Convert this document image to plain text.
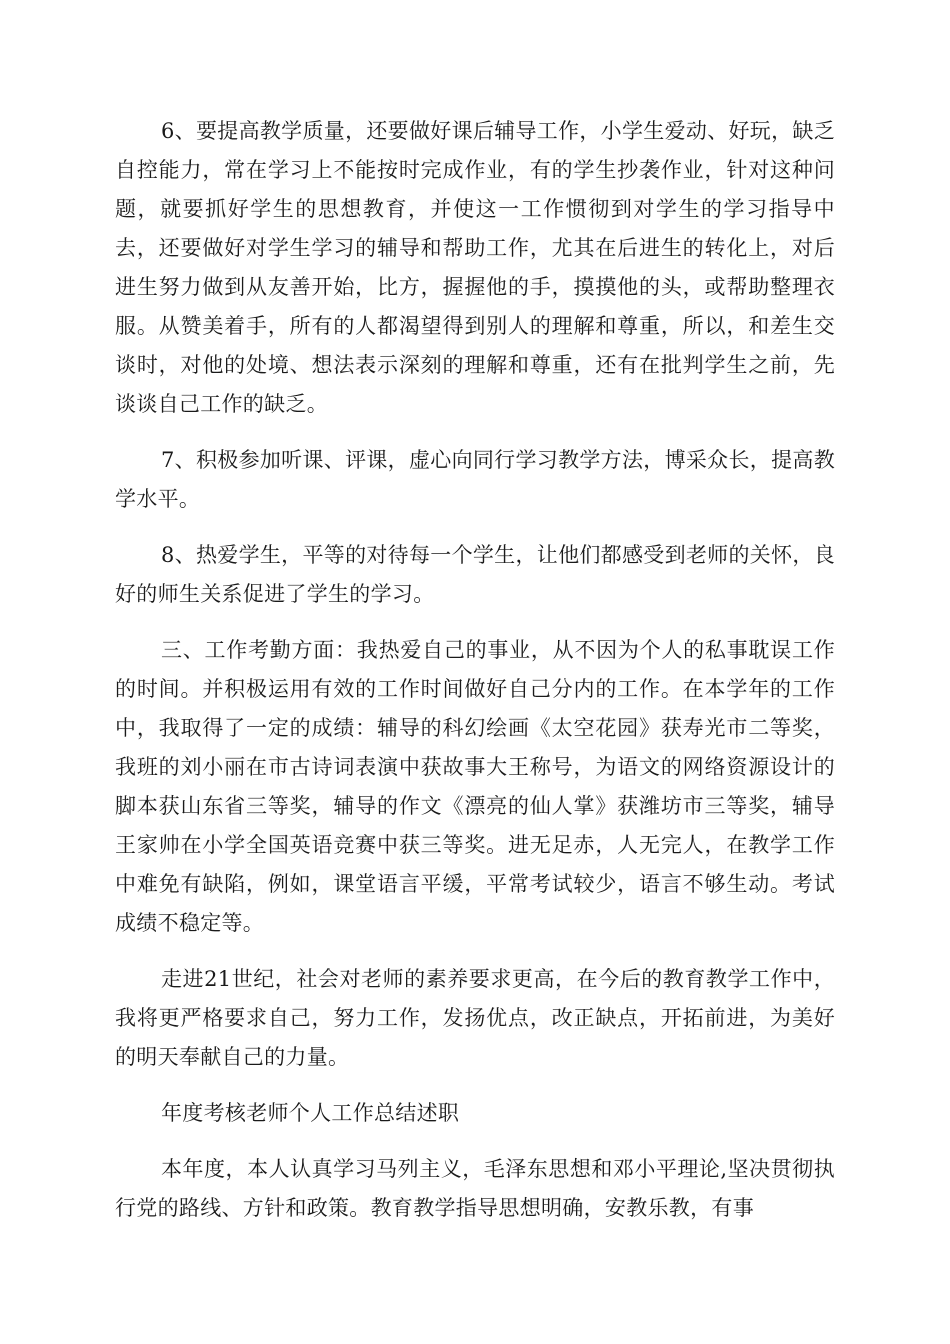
6、要提高教学质量，还要做好课后辅导工作，小学生爱动、好玩，缺乏自控能力，常在学习上不能按时完成作业，有的学生抄袭作业，针对这种问题，就要抓好学生的思想教育，并使这一工作惯彻到对学生的学习指导中去，还要做好对学生学习的辅导和帮助工作，尤其在后进生的转化上，对后进生努力做到从友善开始，比方，握握他的手，摸摸他的头，或帮助整理衣服。从赞美着手，所有的人都渴望得到别人的理解和尊重，所以，和差生交谈时，对他的处境、想法表示深刻的理解和尊重，还有在批判学生之前，先谈谈自己工作的缺乏。

7、积极参加听课、评课，虚心向同行学习教学方法，博采众长，提高教学水平。

8、热爱学生，平等的对待每一个学生，让他们都感受到老师的关怀，良好的师生关系促进了学生的学习。

三、工作考勤方面：我热爱自己的事业，从不因为个人的私事耽误工作的时间。并积极运用有效的工作时间做好自己分内的工作。在本学年的工作中，我取得了一定的成绩：辅导的科幻绘画《太空花园》获寿光市二等奖，我班的刘小丽在市古诗词表演中获故事大王称号，为语文的网络资源设计的脚本获山东省三等奖，辅导的作文《漂亮的仙人掌》获潍坊市三等奖，辅导王家帅在小学全国英语竞赛中获三等奖。进无足赤，人无完人，在教学工作中难免有缺陷，例如，课堂语言平缓，平常考试较少，语言不够生动。考试成绩不稳定等。

走进21世纪，社会对老师的素养要求更高，在今后的教育教学工作中，我将更严格要求自己，努力工作，发扬优点，改正缺点，开拓前进，为美好的明天奉献自己的力量。

年度考核老师个人工作总结述职

本年度，本人认真学习马列主义，毛泽东思想和邓小平理论,坚决贯彻执行党的路线、方针和政策。教育教学指导思想明确，安教乐教，有事
